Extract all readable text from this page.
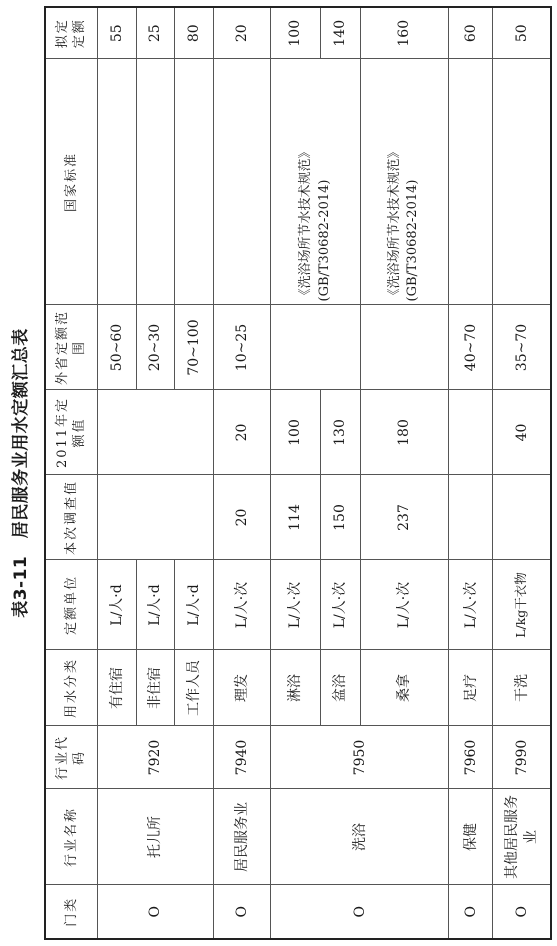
表3-11　居民服务业用水定额汇总表
门类	行业名称	行业代码	用水分类	定额单位	本次调查值	2011年定额值	外省定额范围	国家标准	拟定定额
O	托儿所	7920	有住宿	L/人·d			50~60		55
			非住宿	L/人·d			20~30		25
			工作人员	L/人·d			70~100		80
O	居民服务业	7940	理发	L/人·次	20	20	10~25		20
O	洗浴	7950	淋浴	L/人·次	114	100		《洗浴场所节水技术规范》(GB/T30682-2014)	100
			盆浴	L/人·次	150	130			140
			桑拿	L/人·次	237	180		《洗浴场所节水技术规范》(GB/T30682-2014)	160
O	保健	7960	足疗	L/人·次			40~70		60
O	其他居民服务业	7990	干洗	L/kg干衣物		40	35~70		50
